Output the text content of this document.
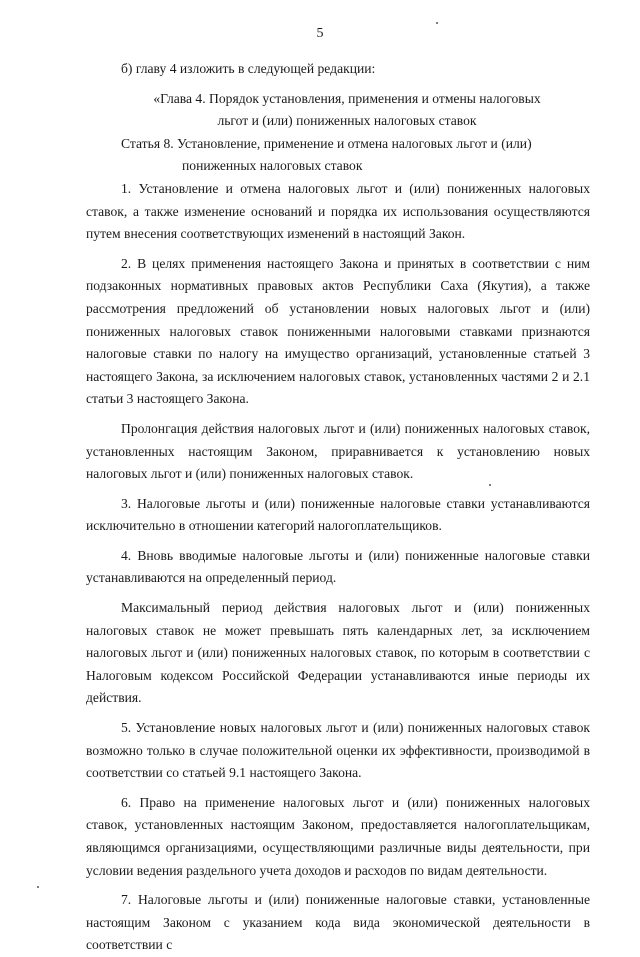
5

б) главу 4 изложить в следующей редакции:

«Глава 4. Порядок установления, применения и отмены налоговых

льгот и (или) пониженных налоговых ставок

Статья 8. Установление, применение и отмена налоговых льгот и (или)

пониженных налоговых ставок

1. Установление и отмена налоговых льгот и (или) пониженных налоговых ставок, а также изменение оснований и порядка их использования осуществляются путем внесения соответствующих изменений в настоящий Закон.

2. В целях применения настоящего Закона и принятых в соответствии с ним подзаконных нормативных правовых актов Республики Саха (Якутия), а также рассмотрения предложений об установлении новых налоговых льгот и (или) пониженных налоговых ставок пониженными налоговыми ставками признаются налоговые ставки по налогу на имущество организаций, установленные статьей 3 настоящего Закона, за исключением налоговых ставок, установленных частями 2 и 2.1 статьи 3 настоящего Закона.

Пролонгация действия налоговых льгот и (или) пониженных налоговых ставок, установленных настоящим Законом, приравнивается к установлению новых налоговых льгот и (или) пониженных налоговых ставок.

3. Налоговые льготы и (или) пониженные налоговые ставки устанавливаются исключительно в отношении категорий налогоплательщиков.

4. Вновь вводимые налоговые льготы и (или) пониженные налоговые ставки устанавливаются на определенный период.

Максимальный период действия налоговых льгот и (или) пониженных налоговых ставок не может превышать пять календарных лет, за исключением налоговых льгот и (или) пониженных налоговых ставок, по которым в соответствии с Налоговым кодексом Российской Федерации устанавливаются иные периоды их действия.

5. Установление новых налоговых льгот и (или) пониженных налоговых ставок возможно только в случае положительной оценки их эффективности, производимой в соответствии со статьей 9.1 настоящего Закона.

6. Право на применение налоговых льгот и (или) пониженных налоговых ставок, установленных настоящим Законом, предоставляется налогоплательщикам, являющимся организациями, осуществляющими различные виды деятельности, при условии ведения раздельного учета доходов и расходов по видам деятельности.

7. Налоговые льготы и (или) пониженные налоговые ставки, установленные настоящим Законом с указанием кода вида экономической деятельности в соответствии с
